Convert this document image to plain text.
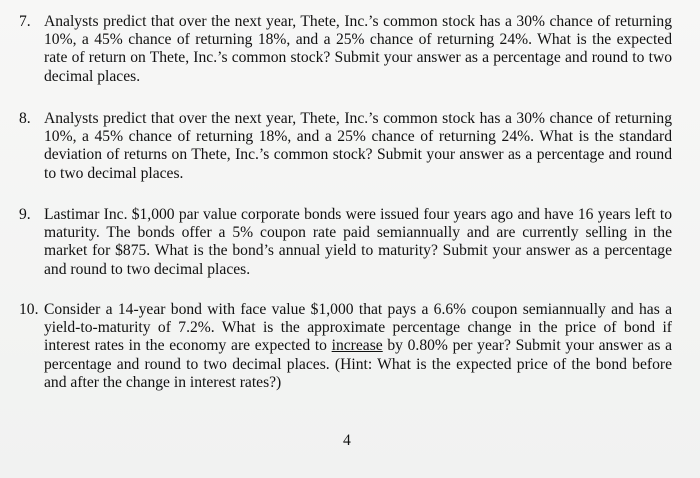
7. Analysts predict that over the next year, Thete, Inc.’s common stock has a 30% chance of returning 10%, a 45% chance of returning 18%, and a 25% chance of returning 24%. What is the expected rate of return on Thete, Inc.’s common stock? Submit your answer as a percentage and round to two decimal places.
8. Analysts predict that over the next year, Thete, Inc.’s common stock has a 30% chance of returning 10%, a 45% chance of returning 18%, and a 25% chance of returning 24%. What is the standard deviation of returns on Thete, Inc.’s common stock? Submit your answer as a percentage and round to two decimal places.
9. Lastimar Inc. $1,000 par value corporate bonds were issued four years ago and have 16 years left to maturity. The bonds offer a 5% coupon rate paid semiannually and are currently selling in the market for $875. What is the bond’s annual yield to maturity? Submit your answer as a percentage and round to two decimal places.
10. Consider a 14-year bond with face value $1,000 that pays a 6.6% coupon semiannually and has a yield-to-maturity of 7.2%. What is the approximate percentage change in the price of bond if interest rates in the economy are expected to increase by 0.80% per year? Submit your answer as a percentage and round to two decimal places. (Hint: What is the expected price of the bond before and after the change in interest rates?)
4
